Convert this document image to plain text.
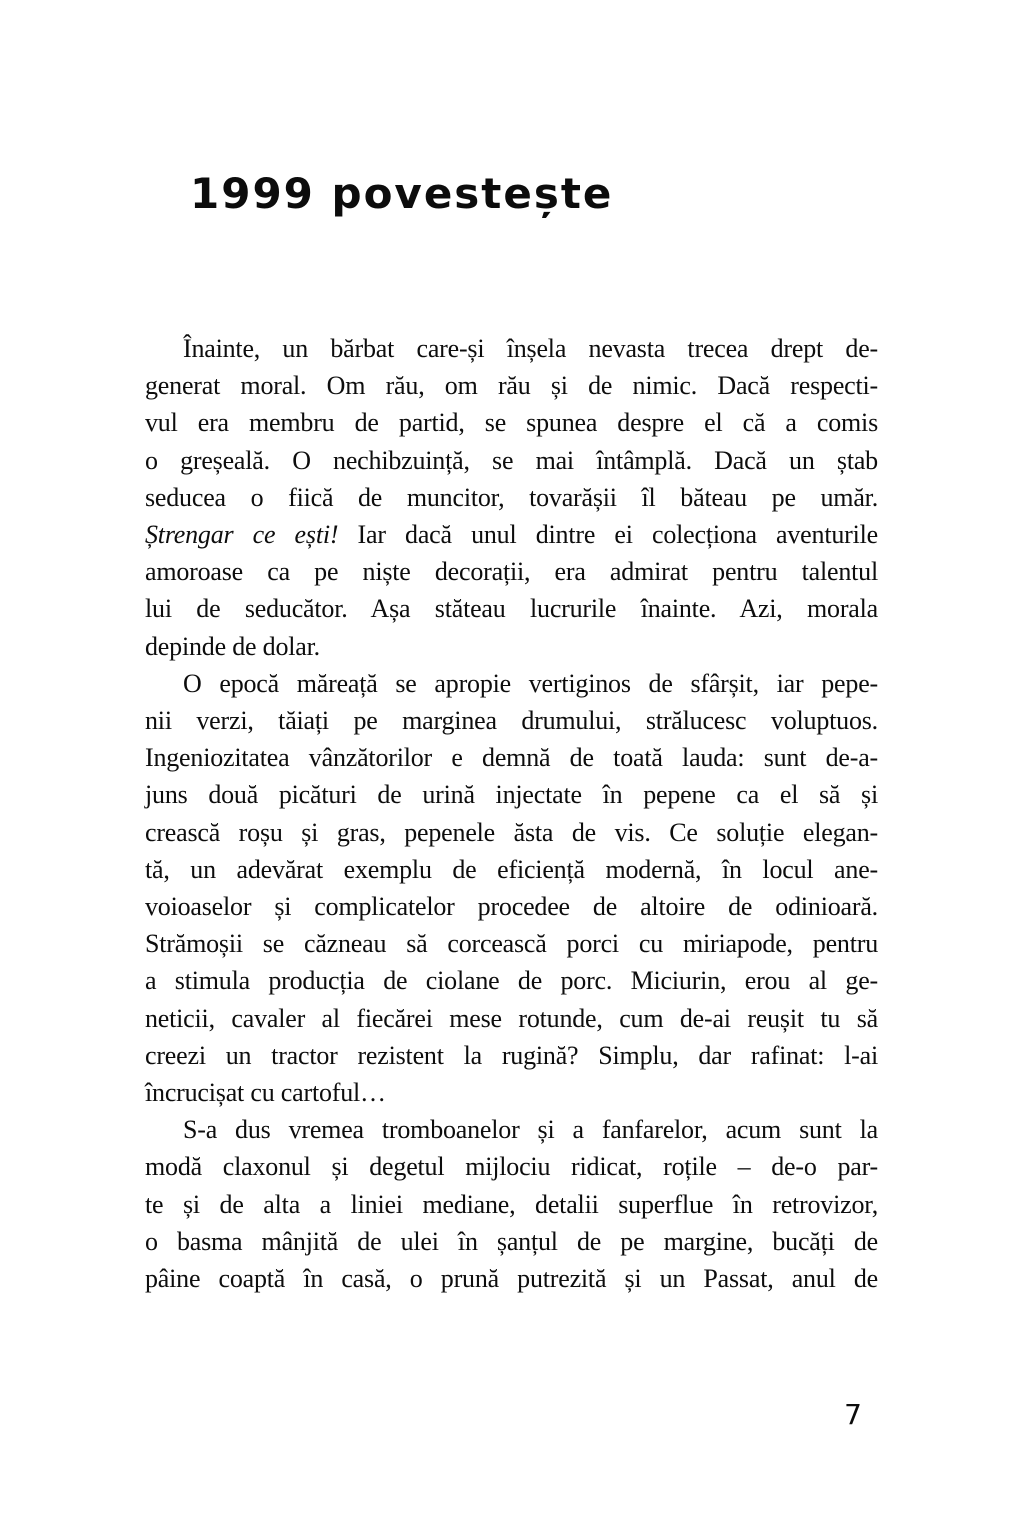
1999 povestește
Înainte, un bărbat care-și înșela nevasta trecea drept de-
generat moral. Om rău, om rău și de nimic. Dacă respecti-
vul era membru de partid, se spunea despre el că a comis
o greșeală. O nechibzuință, se mai întâmplă. Dacă un ștab
seducea o fiică de muncitor, tovarășii îl băteau pe umăr.
Ștrengar ce ești! Iar dacă unul dintre ei colecționa aventurile
amoroase ca pe niște decorații, era admirat pentru talentul
lui de seducător. Așa stăteau lucrurile înainte. Azi, morala
depinde de dolar.
O epocă măreață se apropie vertiginos de sfârșit, iar pepe-
nii verzi, tăiați pe marginea drumului, strălucesc voluptuos.
Ingeniozitatea vânzătorilor e demnă de toată lauda: sunt de-a-
juns două picături de urină injectate în pepene ca el să și
crească roșu și gras, pepenele ăsta de vis. Ce soluție elegan-
tă, un adevărat exemplu de eficiență modernă, în locul ane-
voioaselor și complicatelor procedee de altoire de odinioară.
Strămoșii se căzneau să corcească porci cu miriapode, pentru
a stimula producția de ciolane de porc. Miciurin, erou al ge-
neticii, cavaler al fiecărei mese rotunde, cum de-ai reușit tu să
creezi un tractor rezistent la rugină? Simplu, dar rafinat: l-ai
încrucișat cu cartoful…
S-a dus vremea tromboanelor și a fanfarelor, acum sunt la
modă claxonul și degetul mijlociu ridicat, roțile – de-o par-
te și de alta a liniei mediane, detalii superflue în retrovizor,
o basma mânjită de ulei în șanțul de pe margine, bucăți de
pâine coaptă în casă, o prună putrezită și un Passat, anul de
7
